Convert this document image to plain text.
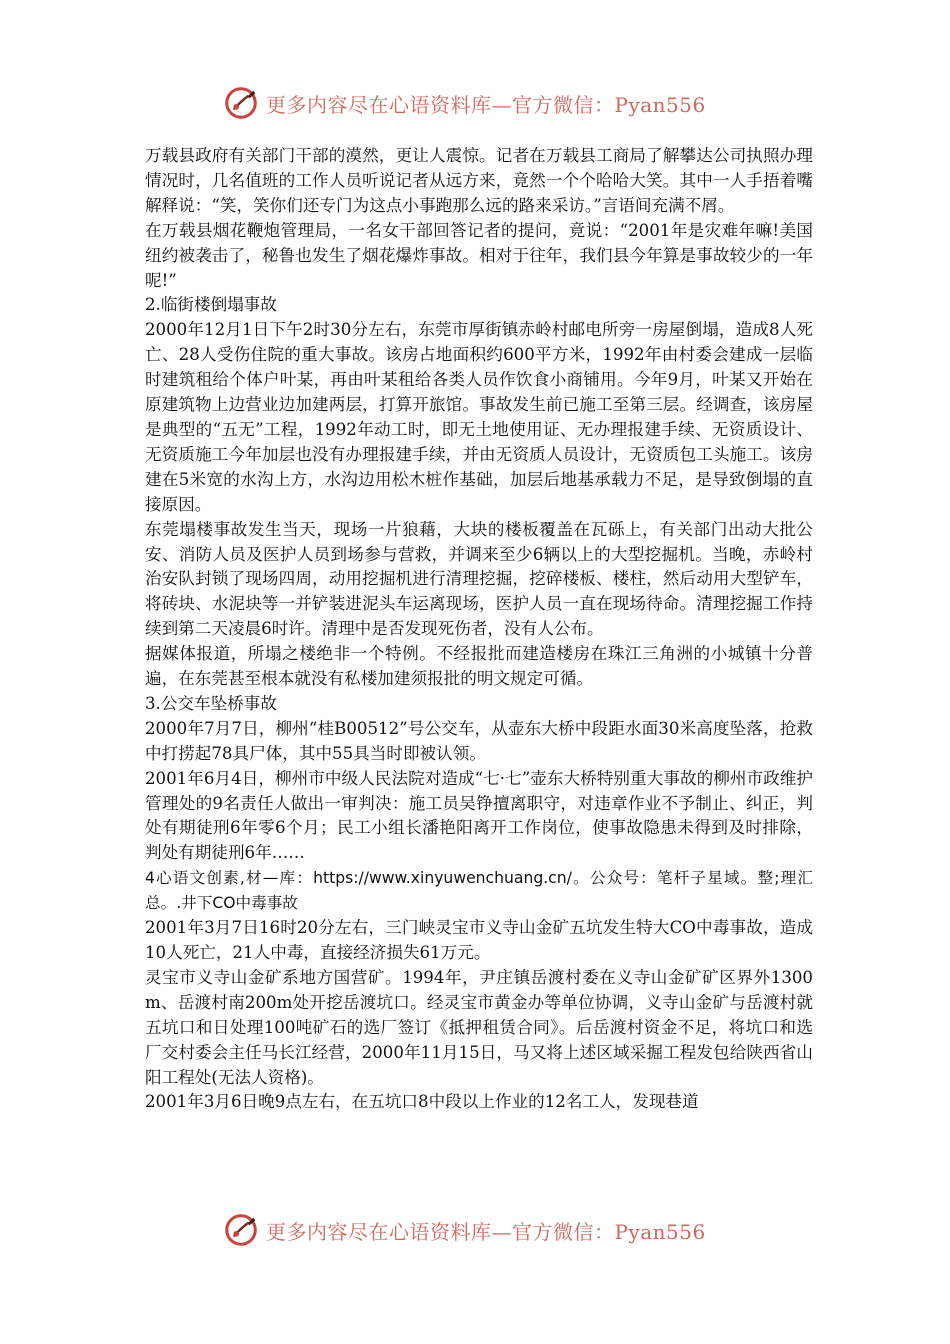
更多内容尽在心语资料库—官方微信：Pyan556

万载县政府有关部门干部的漠然，更让人震惊。记者在万载县工商局了解攀达公司执照办理情况时，几名值班的工作人员听说记者从远方来，竟然一个个哈哈大笑。其中一人手捂着嘴解释说：“笑，笑你们还专门为这点小事跑那么远的路来采访。”言语间充满不屑。

在万载县烟花鞭炮管理局，一名女干部回答记者的提问，竟说：“2001年是灾难年嘛!美国纽约被袭击了，秘鲁也发生了烟花爆炸事故。相对于往年，我们县今年算是事故较少的一年呢!”

2.临街楼倒塌事故

2000年12月1日下午2时30分左右，东莞市厚街镇赤岭村邮电所旁一房屋倒塌，造成8人死亡、28人受伤住院的重大事故。该房占地面积约600平方米，1992年由村委会建成一层临时建筑租给个体户叶某，再由叶某租给各类人员作饮食小商铺用。今年9月，叶某又开始在原建筑物上边营业边加建两层，打算开旅馆。事故发生前已施工至第三层。经调查，该房屋是典型的“五无”工程，1992年动工时，即无土地使用证、无办理报建手续、无资质设计、无资质施工今年加层也没有办理报建手续，并由无资质人员设计，无资质包工头施工。该房建在5米宽的水沟上方，水沟边用松木桩作基础，加层后地基承载力不足，是导致倒塌的直接原因。

东莞塌楼事故发生当天，现场一片狼藉，大块的楼板覆盖在瓦砾上，有关部门出动大批公安、消防人员及医护人员到场参与营救，并调来至少6辆以上的大型挖掘机。当晚，赤岭村治安队封锁了现场四周，动用挖掘机进行清理挖掘，挖碎楼板、楼柱，然后动用大型铲车，将砖块、水泥块等一并铲装进泥头车运离现场，医护人员一直在现场待命。清理挖掘工作持续到第二天凌晨6时许。清理中是否发现死伤者，没有人公布。

据媒体报道，所塌之楼绝非一个特例。不经报批而建造楼房在珠江三角洲的小城镇十分普遍，在东莞甚至根本就没有私楼加建须报批的明文规定可循。

3.公交车坠桥事故

2000年7月7日，柳州“桂B00512”号公交车，从壶东大桥中段距水面30米高度坠落，抢救中打捞起78具尸体，其中55具当时即被认领。

2001年6月4日，柳州市中级人民法院对造成“七·七”壶东大桥特别重大事故的柳州市政维护管理处的9名责任人做出一审判决：施工员吴铮擅离职守，对违章作业不予制止、纠正，判处有期徒刑6年零6个月；民工小组长潘艳阳离开工作岗位，使事故隐患未得到及时排除，判处有期徒刑6年……

4心语文创素,材—库：https://www.xinyuwenchuang.cn/。公众号：笔杆子星域。整;理汇总。.井下CO中毒事故

2001年3月7日16时20分左右，三门峡灵宝市义寺山金矿五坑发生特大CO中毒事故，造成10人死亡，21人中毒，直接经济损失61万元。

灵宝市义寺山金矿系地方国营矿。1994年，尹庄镇岳渡村委在义寺山金矿矿区界外1300m、岳渡村南200m处开挖岳渡坑口。经灵宝市黄金办等单位协调，义寺山金矿与岳渡村就五坑口和日处理100吨矿石的选厂签订《抵押租赁合同》。后岳渡村资金不足，将坑口和选厂交村委会主任马长江经营，2000年11月15日，马又将上述区域采掘工程发包给陕西省山阳工程处(无法人资格)。

2001年3月6日晚9点左右，在五坑口8中段以上作业的12名工人，发现巷道

更多内容尽在心语资料库—官方微信：Pyan556
